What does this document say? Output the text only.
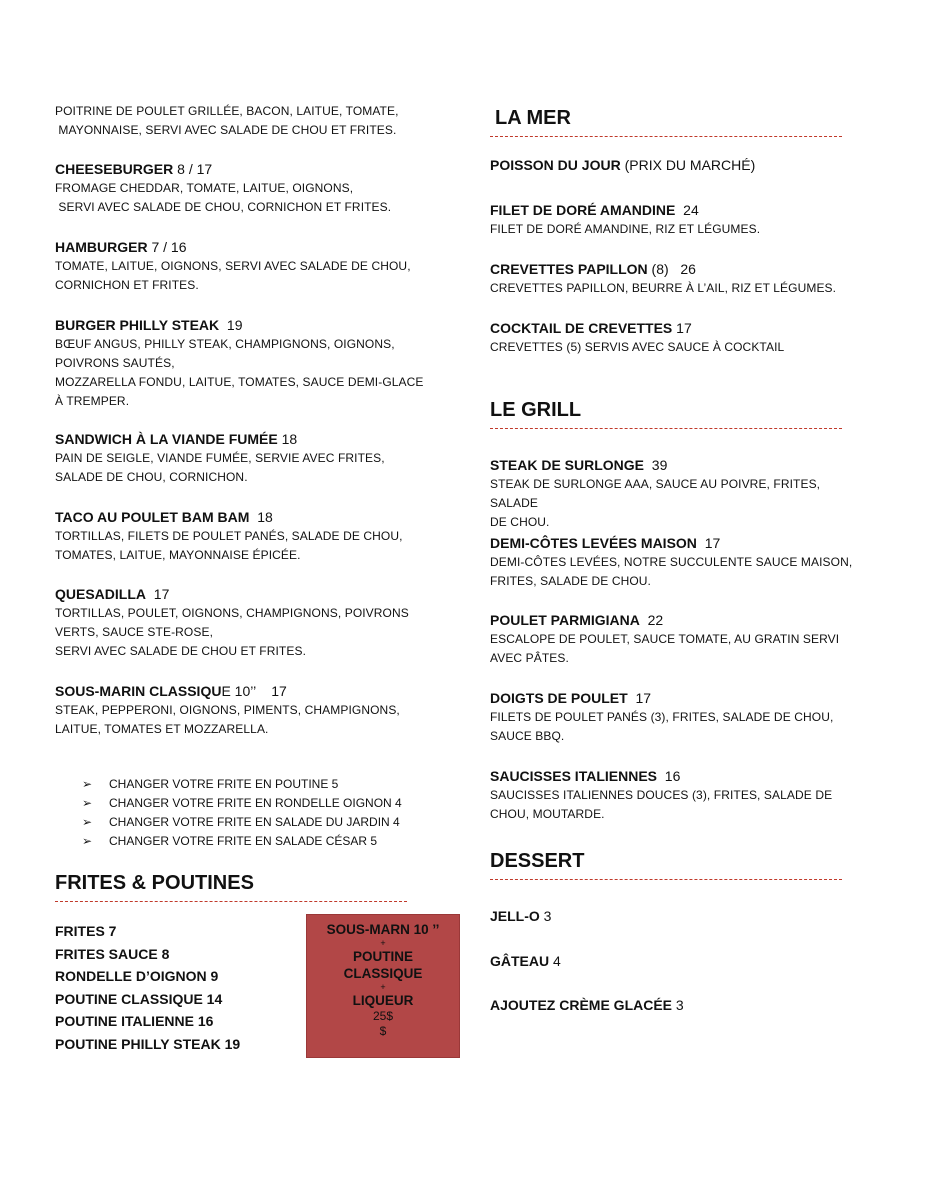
POITRINE DE POULET GRILLÉE, BACON, LAITUE, TOMATE,
MAYONNAISE, SERVI AVEC SALADE DE CHOU ET FRITES.
CHEESEBURGER 8 / 17
FROMAGE CHEDDAR, TOMATE, LAITUE, OIGNONS,
SERVI AVEC SALADE DE CHOU, CORNICHON ET FRITES.
HAMBURGER 7 / 16
TOMATE, LAITUE, OIGNONS, SERVI AVEC SALADE DE CHOU,
CORNICHON ET FRITES.
BURGER PHILLY STEAK  19
BŒUF ANGUS, PHILLY STEAK, CHAMPIGNONS, OIGNONS,
POIVRONS SAUTÉS,
MOZZARELLA FONDU, LAITUE, TOMATES, SAUCE DEMI-GLACE
À TREMPER.
SANDWICH À LA VIANDE FUMÉE 18
PAIN DE SEIGLE, VIANDE FUMÉE, SERVIE AVEC FRITES,
SALADE DE CHOU, CORNICHON.
TACO AU POULET BAM BAM  18
TORTILLAS, FILETS DE POULET PANÉS, SALADE DE CHOU,
TOMATES, LAITUE, MAYONNAISE ÉPICÉE.
QUESADILLA  17
TORTILLAS, POULET, OIGNONS, CHAMPIGNONS, POIVRONS
VERTS, SAUCE STE-ROSE,
SERVI AVEC SALADE DE CHOU ET FRITES.
SOUS-MARIN CLASSIQUE 10’’    17
STEAK, PEPPERONI, OIGNONS, PIMENTS, CHAMPIGNONS,
LAITUE, TOMATES ET MOZZARELLA.
➢ CHANGER VOTRE FRITE EN POUTINE 5
➢ CHANGER VOTRE FRITE EN RONDELLE OIGNON 4
➢ CHANGER VOTRE FRITE EN SALADE DU JARDIN 4
➢ CHANGER VOTRE FRITE EN SALADE CÉSAR 5
FRITES & POUTINES
FRITES 7
FRITES SAUCE 8
RONDELLE D’OIGNON 9
POUTINE CLASSIQUE 14
POUTINE ITALIENNE 16
POUTINE PHILLY STEAK 19
SOUS-MARN 10 ’’
+
POUTINE
CLASSIQUE
+
LIQUEUR
25$
$
LA MER
POISSON DU JOUR (PRIX DU MARCHÉ)
FILET DE DORÉ AMANDINE  24
FILET DE DORÉ AMANDINE, RIZ ET LÉGUMES.
CREVETTES PAPILLON (8)   26
CREVETTES PAPILLON, BEURRE À L’AIL, RIZ ET LÉGUMES.
COCKTAIL DE CREVETTES 17
CREVETTES (5) SERVIS AVEC SAUCE À COCKTAIL
LE GRILL
STEAK DE SURLONGE  39
STEAK DE SURLONGE AAA, SAUCE AU POIVRE, FRITES, SALADE
DE CHOU.
DEMI-CÔTES LEVÉES MAISON  17
DEMI-CÔTES LEVÉES, NOTRE SUCCULENTE SAUCE MAISON,
FRITES, SALADE DE CHOU.
POULET PARMIGIANA  22
ESCALOPE DE POULET, SAUCE TOMATE, AU GRATIN SERVI
AVEC PÂTES.
DOIGTS DE POULET  17
FILETS DE POULET PANÉS (3), FRITES, SALADE DE CHOU,
SAUCE BBQ.
SAUCISSES ITALIENNES  16
SAUCISSES ITALIENNES DOUCES (3), FRITES, SALADE DE
CHOU, MOUTARDE.
DESSERT
JELL-O 3
GÂTEAU 4
AJOUTEZ CRÈME GLACÉE 3
